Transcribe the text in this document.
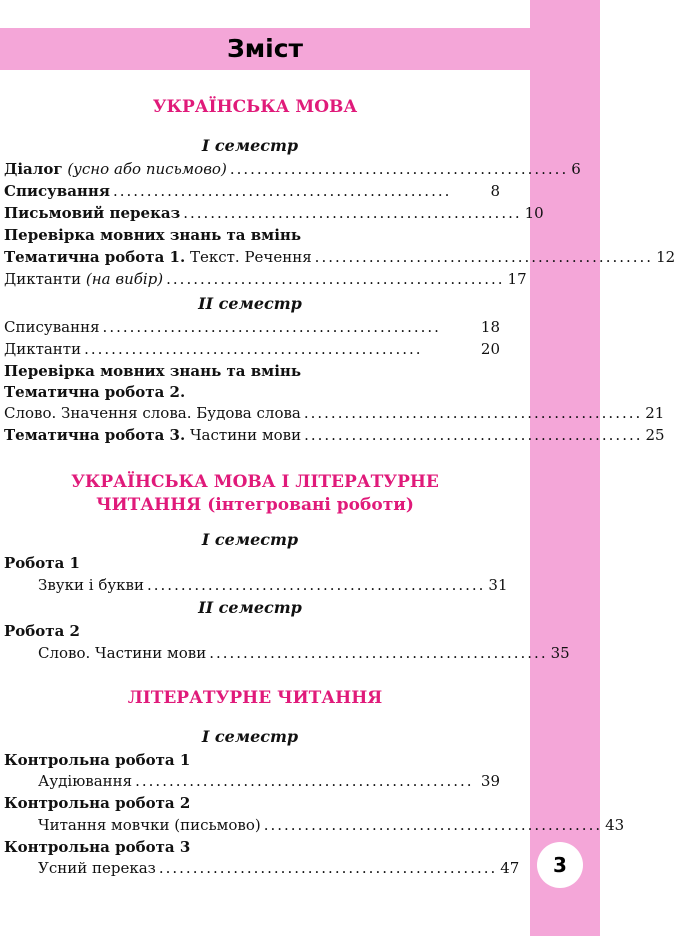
Зміст
3
УКРАЇНСЬКА МОВА
I семестр
Діалог (усно або письмово) .................................................. 6
Списування ..................................................	8
Письмовий переказ .................................................. 10
Перевірка мовних знань та вмінь
Тематична робота 1. Текст. Речення .................................................. 12
Диктанти (на вибір) .................................................. 17
II семестр
Списування ..................................................	18
Диктанти ..................................................	20
Перевірка мовних знань та вмінь
Тематична робота 2.
Слово. Значення слова. Будова слова .................................................. 21
Тематична робота 3. Частини мови .................................................. 25
УКРАЇНСЬКА МОВА І ЛІТЕРАТУРНЕ
ЧИТАННЯ (інтегровані роботи)
I семестр
Робота 1
Звуки і букви .................................................. 31
II семестр
Робота 2
Слово. Частини мови .................................................. 35
ЛІТЕРАТУРНЕ ЧИТАННЯ
I семестр
Контрольна робота 1
Аудіювання .................................................. 39
Контрольна робота 2
Читання мовчки (письмово) .................................................. 43
Контрольна робота 3
Усний переказ .................................................. 47
